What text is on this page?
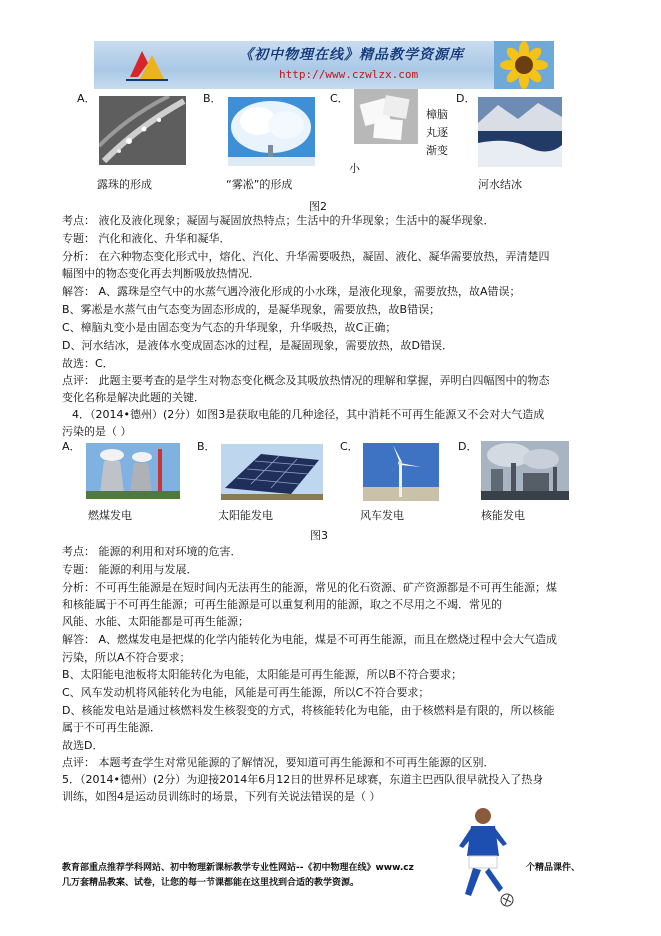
《初中物理在线》精品教学资源库
http://www.czwlzx.com
A．
露珠的形成
B．
“雾凇”的形成
C．
樟脑
丸逐
渐变
小
D．
河水结冰
图2
考点： 液化及液化现象；凝固与凝固放热特点；生活中的升华现象；生活中的凝华现象．
专题： 汽化和液化、升华和凝华．
分析： 在六种物态变化形式中，熔化、汽化、升华需要吸热，凝固、液化、凝华需要放热，弄清楚四
幅图中的物态变化再去判断吸放热情况．
解答： A、露珠是空气中的水蒸气遇冷液化形成的小水珠，是液化现象，需要放热，故A错误；
B、雾凇是水蒸气由气态变为固态形成的，是凝华现象，需要放热，故B错误；
C、樟脑丸变小是由固态变为气态的升华现象，升华吸热，故C正确；
D、河水结冰，是液体水变成固态冰的过程，是凝固现象，需要放热，故D错误．
故选：C．
点评： 此题主要考查的是学生对物态变化概念及其吸放热情况的理解和掌握，弄明白四幅图中的物态
变化名称是解决此题的关键．
4．（2014•德州）(2分）如图3是获取电能的几种途径，其中消耗不可再生能源又不会对大气造成
污染的是（ ）
A．
燃煤发电
B．
太阳能发电
C．
风车发电
D．
核能发电
图3
考点： 能源的利用和对环境的危害．
专题： 能源的利用与发展．
分析：不可再生能源是在短时间内无法再生的能源，常见的化石资源、矿产资源都是不可再生能源；煤
和核能属于不可再生能源；可再生能源是可以重复利用的能源，取之不尽用之不竭．常见的
风能、水能、太阳能都是可再生能源；
解答： A、燃煤发电是把煤的化学内能转化为电能，煤是不可再生能源，而且在燃烧过程中会大气造成
污染，所以A不符合要求；
B、太阳能电池板将太阳能转化为电能，太阳能是可再生能源，所以B不符合要求；
C、风车发动机将风能转化为电能，风能是可再生能源，所以C不符合要求；
D、核能发电站是通过核燃料发生核裂变的方式，将核能转化为电能，由于核燃料是有限的，所以核能
属于不可再生能源．
故选D．
点评： 本题考查学生对常见能源的了解情况，要知道可再生能源和不可再生能源的区别．
5．（2014•德州）(2分）为迎接2014年6月12日的世界杯足球赛，东道主巴西队很早就投入了热身
训练，如图4是运动员训练时的场景，下列有关说法错误的是（ ）
教育部重点推荐学科网站、初中物理新课标教学专业性网站--《初中物理在线》www.cz	个精品课件、
几万套精品教案、试卷，让您的每一节课都能在这里找到合适的教学资源。
